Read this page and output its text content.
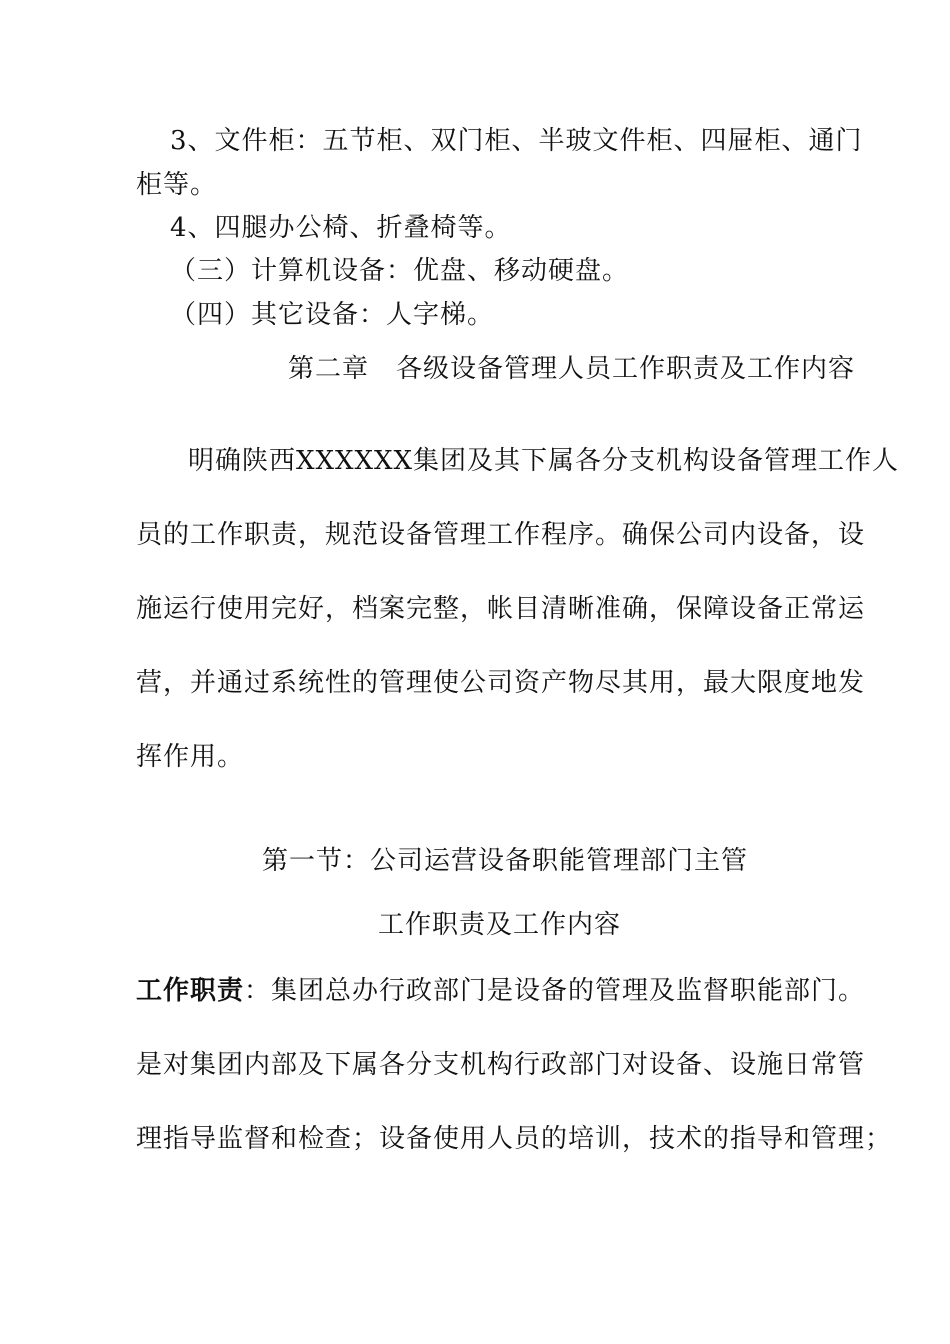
3、文件柜：五节柜、双门柜、半玻文件柜、四屉柜、通门
柜等。
4、四腿办公椅、折叠椅等。
（三）计算机设备：优盘、移动硬盘。
（四）其它设备：人字梯。
第二章　各级设备管理人员工作职责及工作内容
明确陕西XXXXXX集团及其下属各分支机构设备管理工作人
员的工作职责，规范设备管理工作程序。确保公司内设备，设
施运行使用完好，档案完整，帐目清晰准确，保障设备正常运
营，并通过系统性的管理使公司资产物尽其用，最大限度地发
挥作用。
第一节：公司运营设备职能管理部门主管
工作职责及工作内容
工作职责：集团总办行政部门是设备的管理及监督职能部门。
是对集团内部及下属各分支机构行政部门对设备、设施日常管
理指导监督和检查；设备使用人员的培训，技术的指导和管理；
